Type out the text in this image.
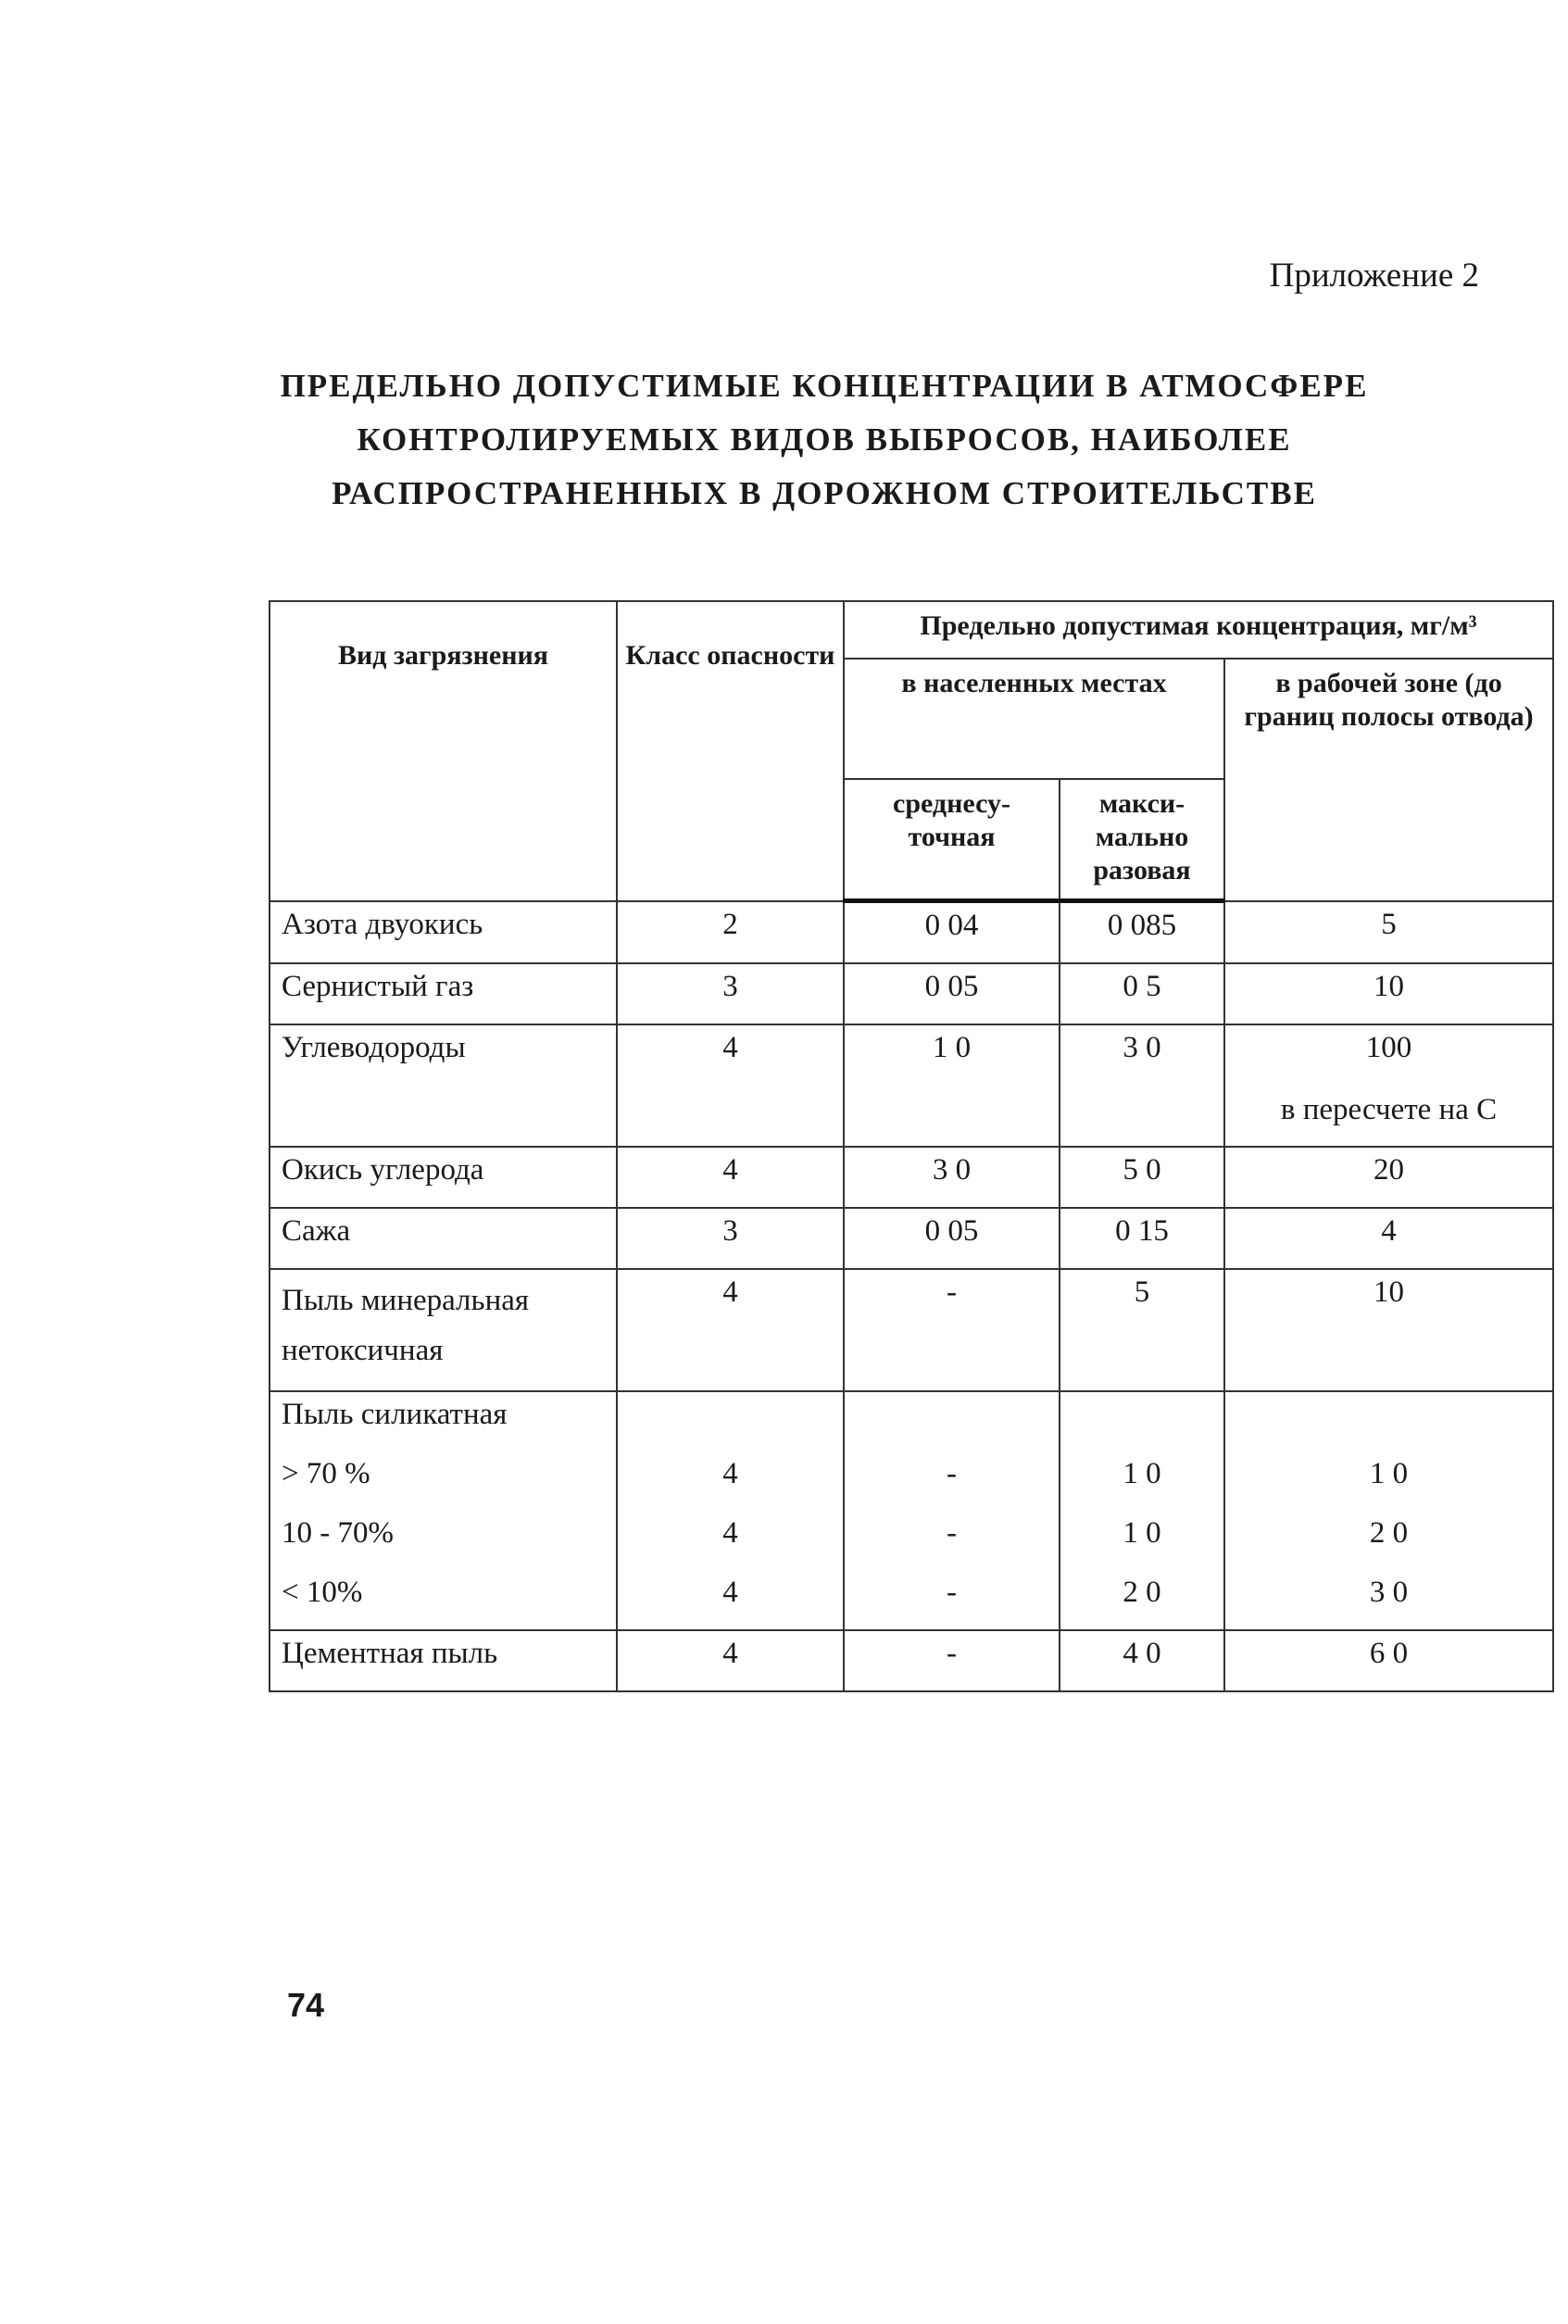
Приложение 2
ПРЕДЕЛЬНО ДОПУСТИМЫЕ КОНЦЕНТРАЦИИ В АТМОСФЕРЕ
КОНТРОЛИРУЕМЫХ ВИДОВ ВЫБРОСОВ, НАИБОЛЕЕ
РАСПРОСТРАНЕННЫХ В ДОРОЖНОМ СТРОИТЕЛЬСТВЕ
Вид загрязнения	Класс опасности	Предельно допустимая концентрация, мг/м³		
		в населенных местах		в рабочей зоне (до границ полосы отвода)
		среднесу-точная	макси-мально разовая	
Азота двуокись	2	0 04	0 085	5
Сернистый газ	3	0 05	0 5	10
Углеводороды	4	1 0	3 0	100
в пересчете на С

Окись углерода	4	3 0	5 0	20
Сажа	3	0 05	0 15	4
Пыль минеральная нетоксичная	4	-	5	10
Пыль силикатная				
> 70 %	4	-	1 0	1 0
10 - 70%	4	-	1 0	2 0
< 10%	4	-	2 0	3 0
Цементная пыль	4	-	4 0	6 0
74
